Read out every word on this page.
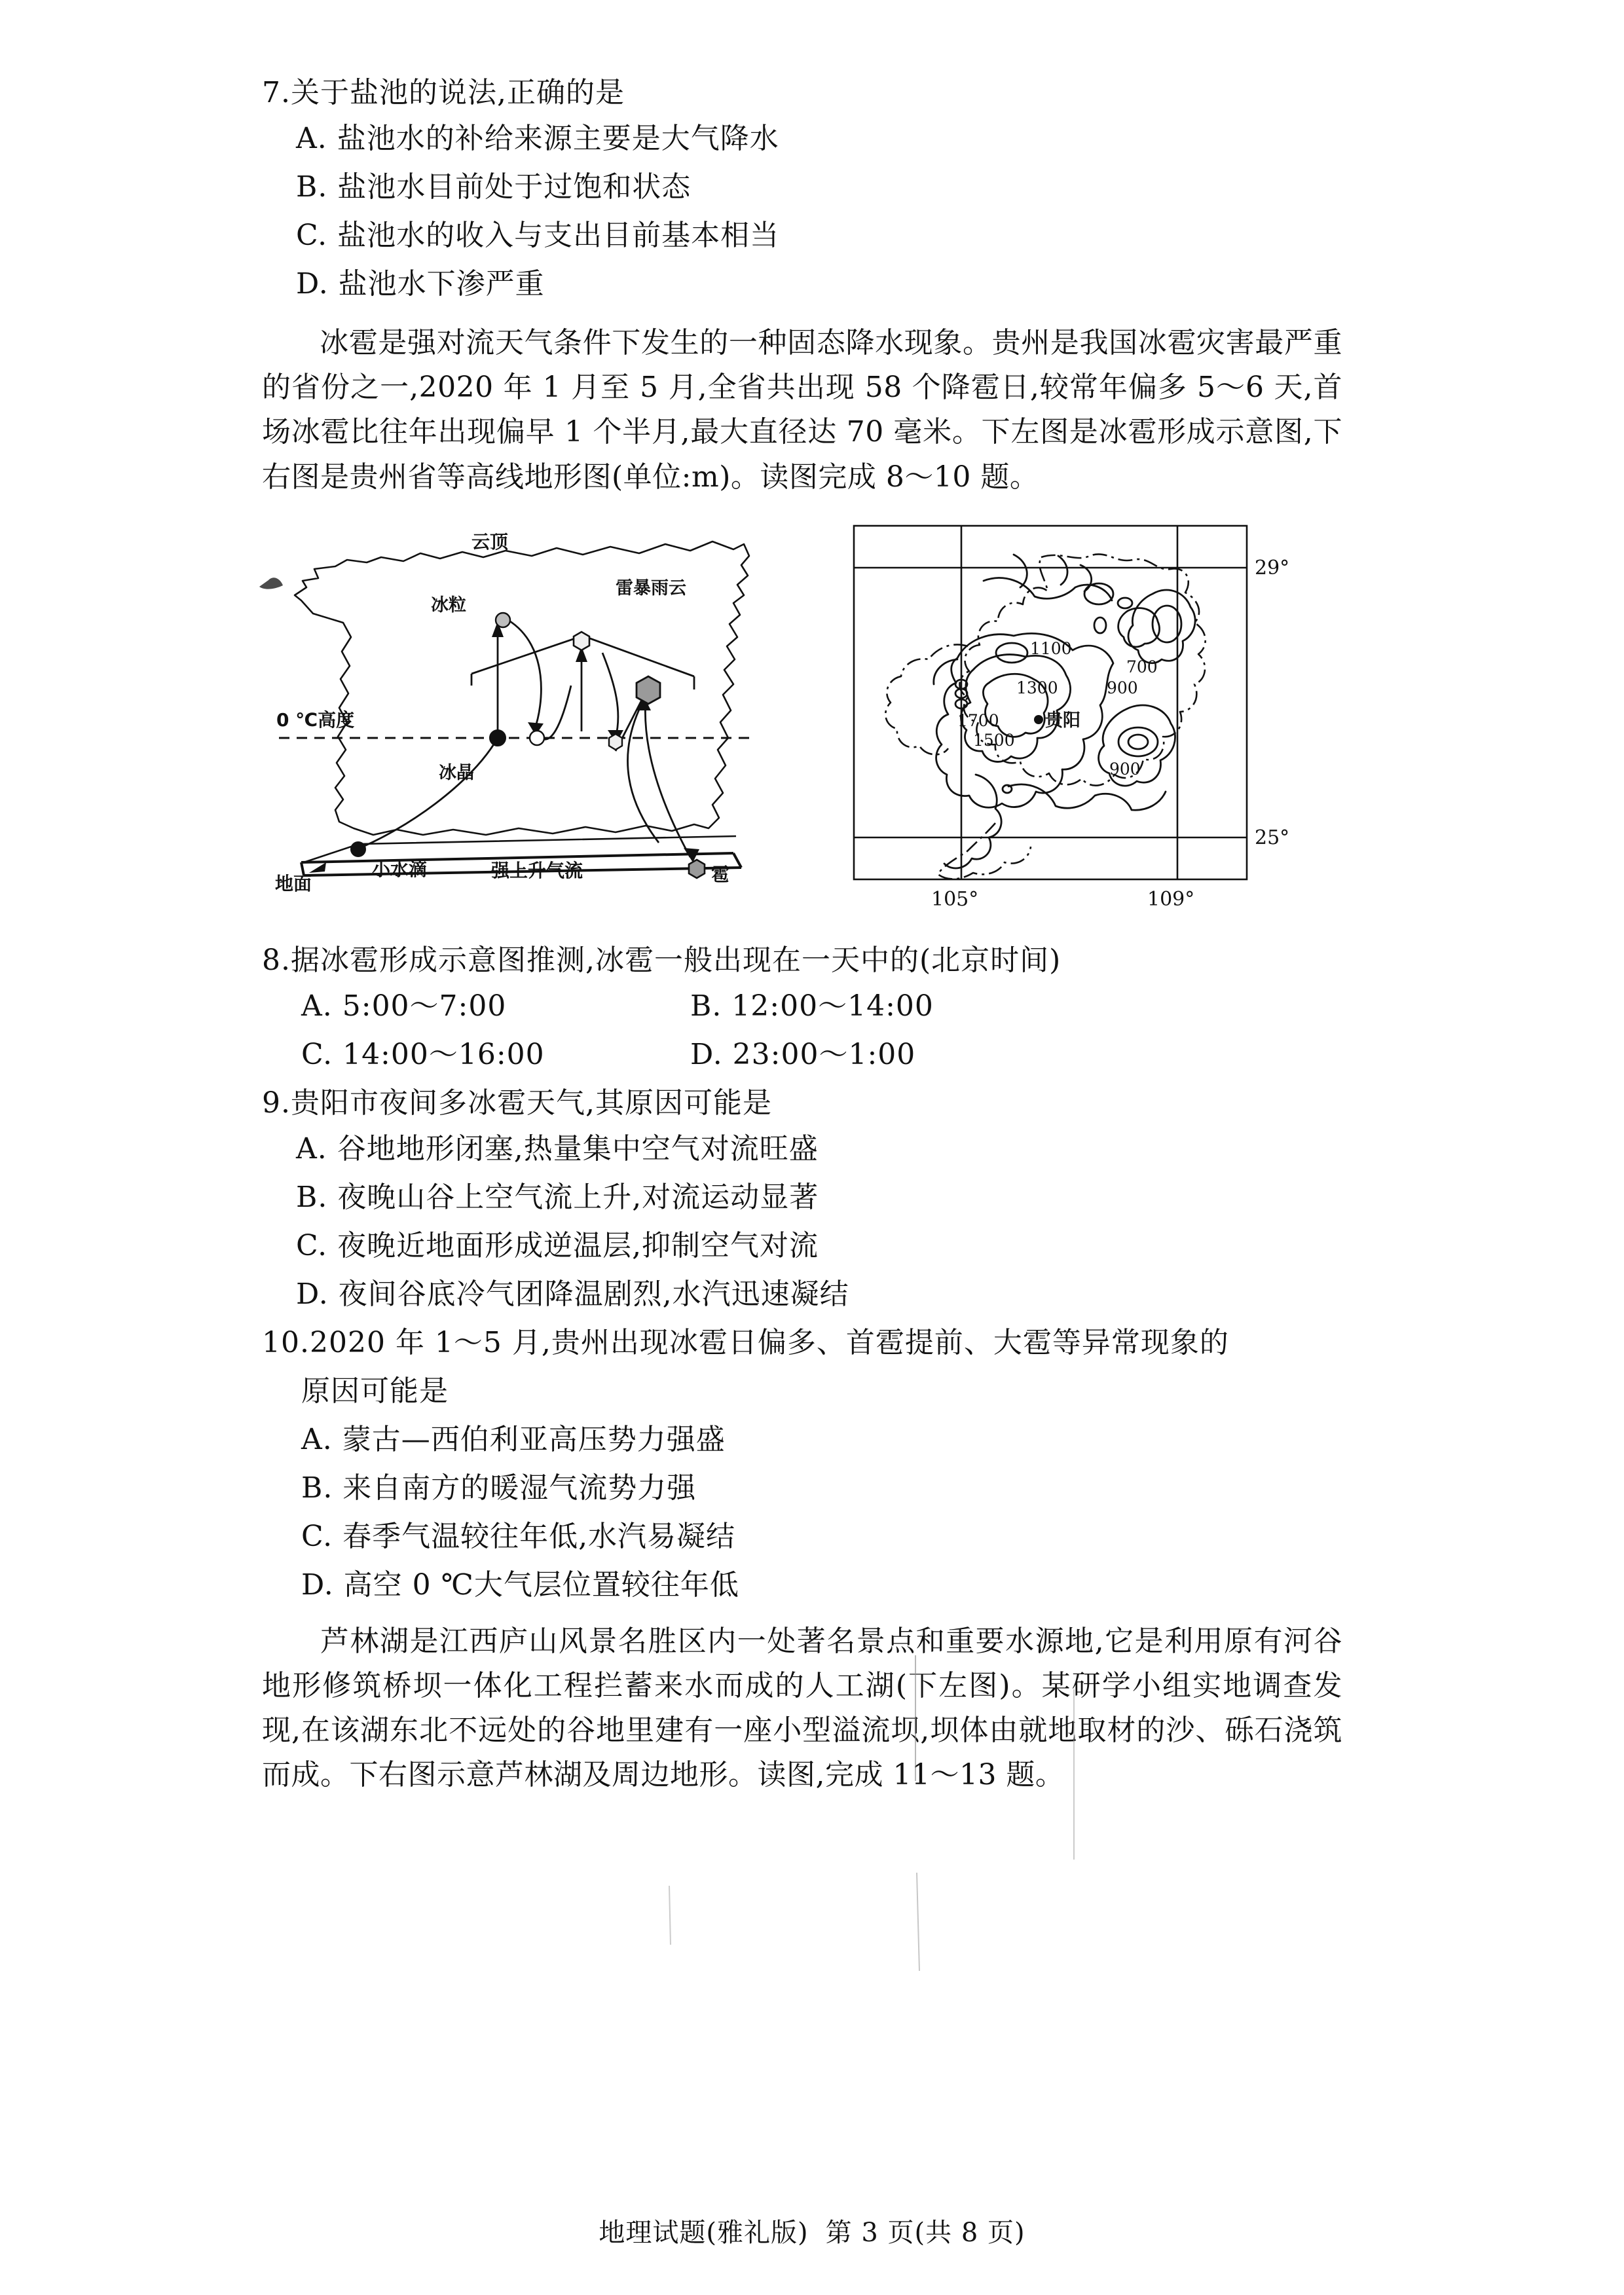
7.关于盐池的说法,正确的是

A. 盐池水的补给来源主要是大气降水

B. 盐池水目前处于过饱和状态

C. 盐池水的收入与支出目前基本相当

D. 盐池水下渗严重

冰雹是强对流天气条件下发生的一种固态降水现象。贵州是我国冰雹灾害最严重的省份之一,2020 年 1 月至 5 月,全省共出现 58 个降雹日,较常年偏多 5～6 天,首场冰雹比往年出现偏早 1 个半月,最大直径达 70 毫米。下左图是冰雹形成示意图,下右图是贵州省等高线地形图(单位:m)。读图完成 8～10 题。

云顶
雷暴雨云
冰粒
0 ℃高度
冰晶
小水滴	强上升气流
地面	雹
1100
1300
700
900
1700
1500
900
贵阳
29°
25°
105°	109°

8.据冰雹形成示意图推测,冰雹一般出现在一天中的(北京时间)

A. 5:00～7:00	B. 12:00～14:00
C. 14:00～16:00	D. 23:00～1:00

9.贵阳市夜间多冰雹天气,其原因可能是

A. 谷地地形闭塞,热量集中空气对流旺盛

B. 夜晚山谷上空气流上升,对流运动显著

C. 夜晚近地面形成逆温层,抑制空气对流

D. 夜间谷底冷气团降温剧烈,水汽迅速凝结

10.2020 年 1～5 月,贵州出现冰雹日偏多、首雹提前、大雹等异常现象的

原因可能是

A. 蒙古—西伯利亚高压势力强盛

B. 来自南方的暖湿气流势力强

C. 春季气温较往年低,水汽易凝结

D. 高空 0 ℃大气层位置较往年低

芦林湖是江西庐山风景名胜区内一处著名景点和重要水源地,它是利用原有河谷地形修筑桥坝一体化工程拦蓄来水而成的人工湖(下左图)。某研学小组实地调查发现,在该湖东北不远处的谷地里建有一座小型溢流坝,坝体由就地取材的沙、砾石浇筑而成。下右图示意芦林湖及周边地形。读图,完成 11～13 题。

地理试题(雅礼版) 第 3 页(共 8 页)
